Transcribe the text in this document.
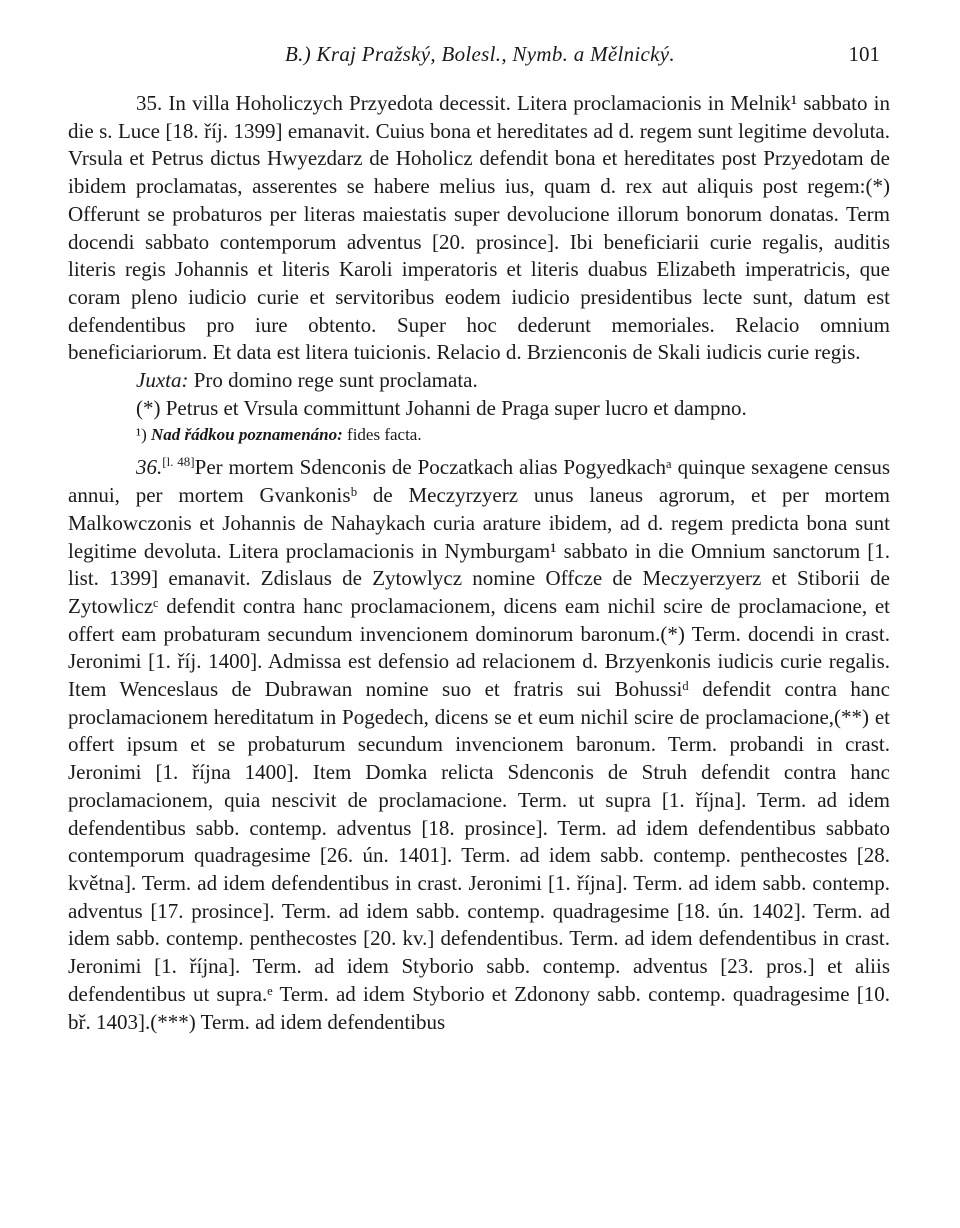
B.) Kraj Pražský, Bolesl., Nymb. a Mělnický.	101

35. In villa Hoholiczych Przyedota decessit. Litera proclamacionis in Melnik¹ sabbato in die s. Luce [18. říj. 1399] emanavit. Cuius bona et hereditates ad d. regem sunt legitime devoluta. Vrsula et Petrus dictus Hwyezdarz de Hoholicz defendit bona et hereditates post Przyedotam de ibidem proclamatas, asserentes se habere melius ius, quam d. rex aut aliquis post regem:(*) Offerunt se probaturos per literas maiestatis super devolucione illorum bonorum donatas. Term docendi sabbato contemporum adventus [20. prosince]. Ibi beneficiarii curie regalis, auditis literis regis Johannis et literis Karoli imperatoris et literis duabus Elizabeth imperatricis, que coram pleno iudicio curie et servitoribus eodem iudicio presidentibus lecte sunt, datum est defendentibus pro iure obtento. Super hoc dederunt memoriales. Relacio omnium beneficiariorum. Et data est litera tuicionis. Relacio d. Brzienconis de Skali iudicis curie regis.

Juxta: Pro domino rege sunt proclamata.

(*) Petrus et Vrsula committunt Johanni de Praga super lucro et dampno.

¹) Nad řádkou poznamenáno: fides facta.

36.[l. 48]Per mortem Sdenconis de Poczatkach alias Pogyedkachᵃ quinque sexagene census annui, per mortem Gvankonisᵇ de Meczyrzyerz unus laneus agrorum, et per mortem Malkowczonis et Johannis de Nahaykach curia arature ibidem, ad d. regem predicta bona sunt legitime devoluta. Litera proclamacionis in Nymburgam¹ sabbato in die Omnium sanctorum [1. list. 1399] emanavit. Zdislaus de Zytowlycz nomine Offcze de Meczyerzyerz et Stiborii de Zytowliczᶜ defendit contra hanc proclamacionem, dicens eam nichil scire de proclamacione, et offert eam probaturam secundum invencionem dominorum baronum.(*) Term. docendi in crast. Jeronimi [1. říj. 1400]. Admissa est defensio ad relacionem d. Brzyenkonis iudicis curie regalis. Item Wenceslaus de Dubrawan nomine suo et fratris sui Bohussiᵈ defendit contra hanc proclamacionem hereditatum in Pogedech, dicens se et eum nichil scire de proclamacione,(**) et offert ipsum et se probaturum secundum invencionem baronum. Term. probandi in crast. Jeronimi [1. října 1400]. Item Domka relicta Sdenconis de Struh defendit contra hanc proclamacionem, quia nescivit de proclamacione. Term. ut supra [1. října]. Term. ad idem defendentibus sabb. contemp. adventus [18. prosince]. Term. ad idem defendentibus sabbato contemporum quadragesime [26. ún. 1401]. Term. ad idem sabb. contemp. penthecostes [28. května]. Term. ad idem defendentibus in crast. Jeronimi [1. října]. Term. ad idem sabb. contemp. adventus [17. prosince]. Term. ad idem sabb. contemp. quadragesime [18. ún. 1402]. Term. ad idem sabb. contemp. penthecostes [20. kv.] defendentibus. Term. ad idem defendentibus in crast. Jeronimi [1. října]. Term. ad idem Styborio sabb. contemp. adventus [23. pros.] et aliis defendentibus ut supra.ᵉ Term. ad idem Styborio et Zdonony sabb. contemp. quadragesime [10. bř. 1403].(***) Term. ad idem defendentibus
